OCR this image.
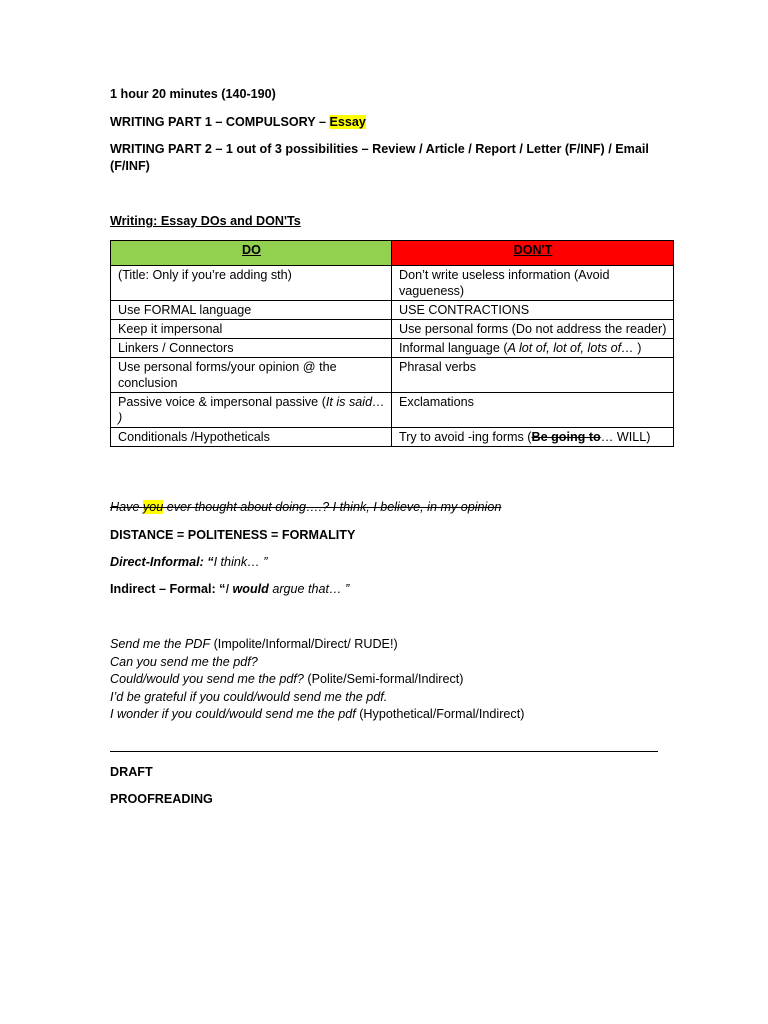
1 hour 20 minutes (140-190)
WRITING PART 1 – COMPULSORY – Essay
WRITING PART 2 – 1 out of 3 possibilities – Review / Article / Report / Letter (F/INF) / Email (F/INF)
Writing: Essay DOs and DON'Ts
DO	DON'T
(Title: Only if you’re adding sth)	Don’t write useless information (Avoid vagueness)
Use FORMAL language	USE CONTRACTIONS
Keep it impersonal	Use personal forms (Do not address the reader)
Linkers / Connectors	Informal language (A lot of, lot of, lots of… )
Use personal forms/your opinion @ the conclusion	Phrasal verbs
Passive voice & impersonal passive (It is said… )	Exclamations
Conditionals /Hypotheticals	Try to avoid -ing forms (Be going to… WILL)
Have you ever thought about doing….? I think, I believe, in my opinion
DISTANCE = POLITENESS = FORMALITY
Direct-Informal: “I think… ”
Indirect – Formal: “I would argue that… ”
Send me the PDF (Impolite/Informal/Direct/ RUDE!)
Can you send me the pdf?
Could/would you send me the pdf? (Polite/Semi-formal/Indirect)
I’d be grateful if you could/would send me the pdf.
I wonder if you could/would send me the pdf (Hypothetical/Formal/Indirect)
DRAFT
PROOFREADING
